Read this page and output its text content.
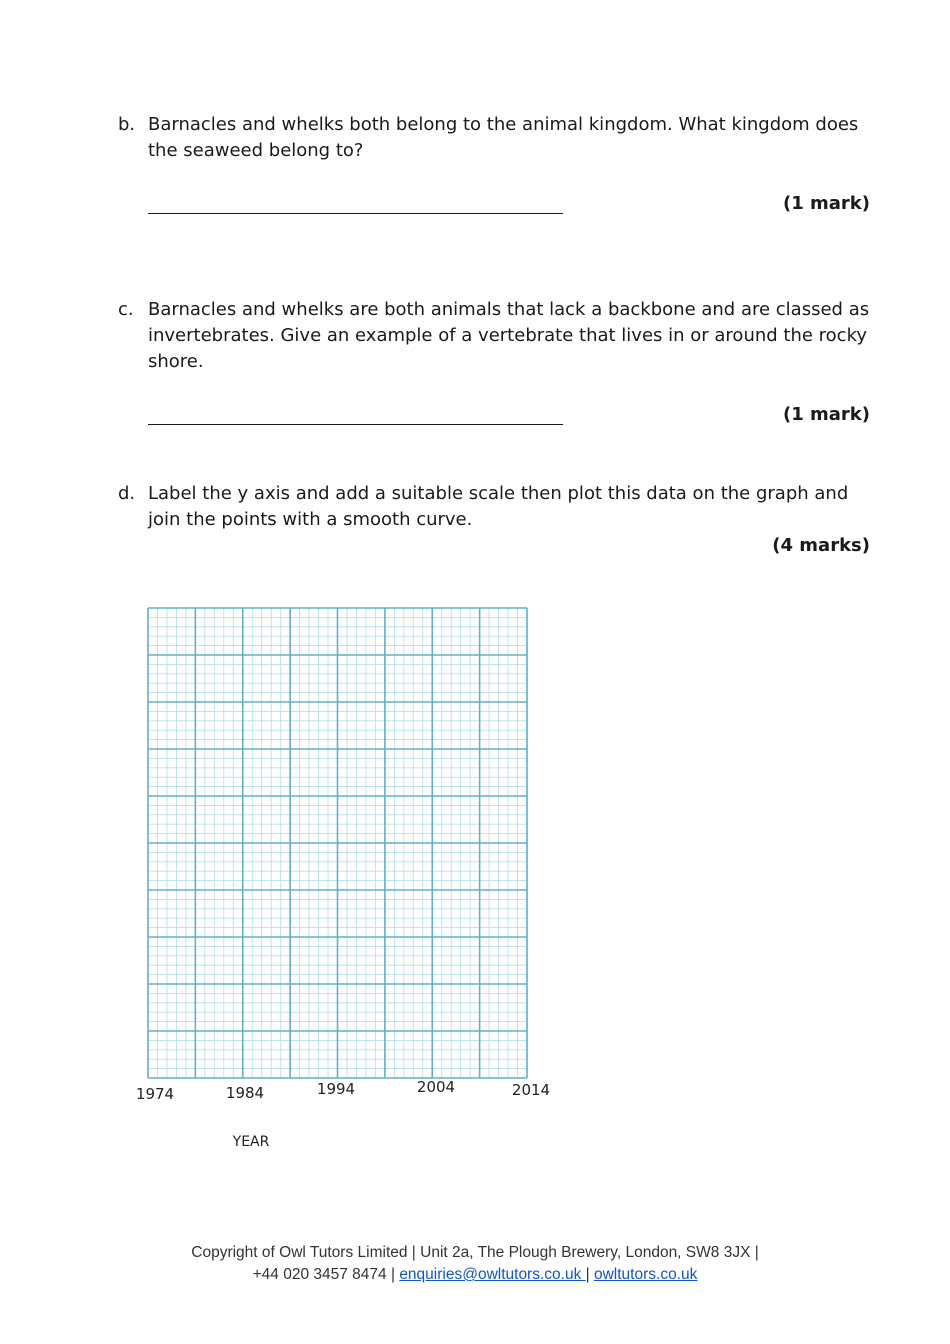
b. Barnacles and whelks both belong to the animal kingdom. What kingdom does the seaweed belong to?
(1 mark)
c. Barnacles and whelks are both animals that lack a backbone and are classed as invertebrates. Give an example of a vertebrate that lives in or around the rocky shore.
(1 mark)
d. Label the y axis and add a suitable scale then plot this data on the graph and join the points with a smooth curve.
(4 marks)
1974	1984	1994	2004	2014
YEAR
Copyright of Owl Tutors Limited | Unit 2a, The Plough Brewery, London, SW8 3JX |
+44 020 3457 8474 | enquiries@owltutors.co.uk | owltutors.co.uk
